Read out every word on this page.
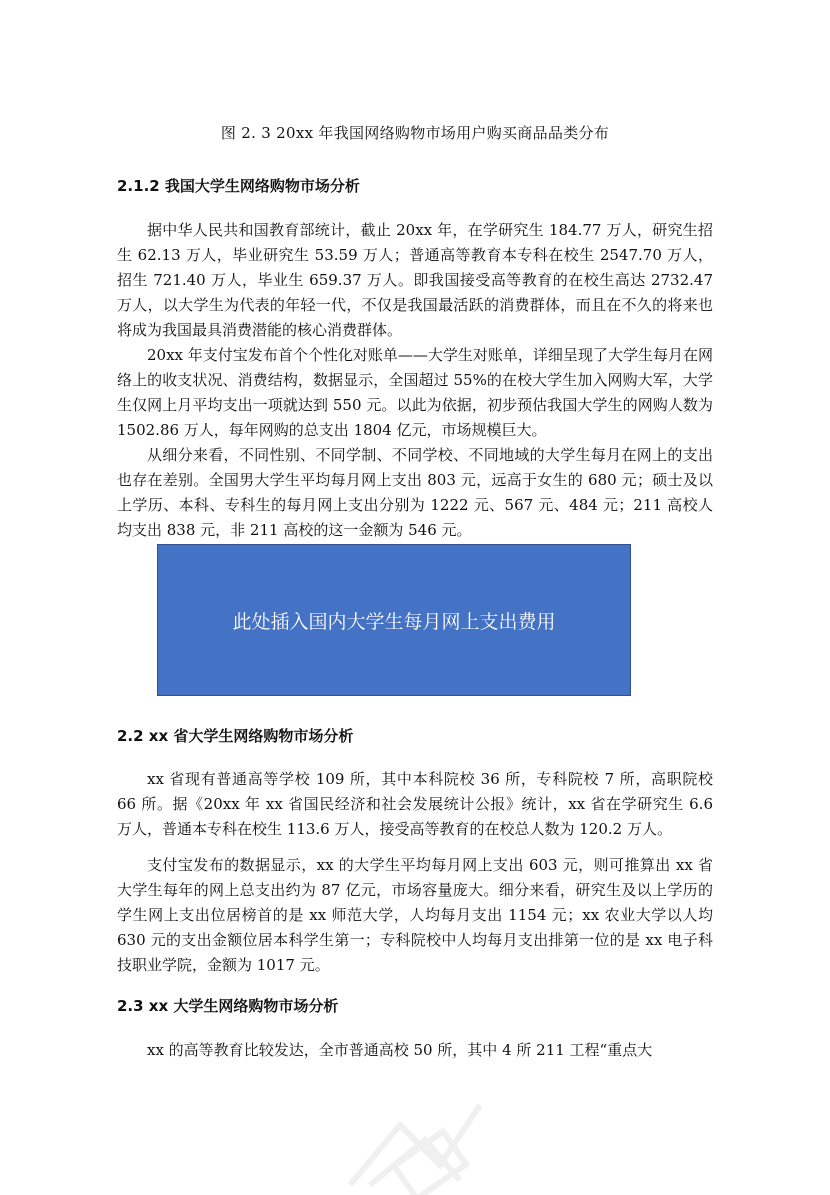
图 2. 3 20xx 年我国网络购物市场用户购买商品品类分布
2.1.2 我国大学生网络购物市场分析

据中华人民共和国教育部统计，截止 20xx 年，在学研究生 184.77 万人，研究生招生 62.13 万人，毕业研究生 53.59 万人；普通高等教育本专科在校生 2547.70 万人，招生 721.40 万人，毕业生 659.37 万人。即我国接受高等教育的在校生高达 2732.47 万人，以大学生为代表的年轻一代，不仅是我国最活跃的消费群体，而且在不久的将来也将成为我国最具消费潜能的核心消费群体。

20xx 年支付宝发布首个个性化对账单——大学生对账单，详细呈现了大学生每月在网络上的收支状况、消费结构，数据显示，全国超过 55%的在校大学生加入网购大军，大学生仅网上月平均支出一项就达到 550 元。以此为依据，初步预估我国大学生的网购人数为 1502.86 万人，每年网购的总支出 1804 亿元，市场规模巨大。

从细分来看，不同性别、不同学制、不同学校、不同地域的大学生每月在网上的支出也存在差别。全国男大学生平均每月网上支出 803 元，远高于女生的 680 元；硕士及以上学历、本科、专科生的每月网上支出分别为 1222 元、567 元、484 元；211 高校人均支出 838 元，非 211 高校的这一金额为 546 元。

此处插入国内大学生每月网上支出费用
2.2 xx 省大学生网络购物市场分析

xx 省现有普通高等学校 109 所，其中本科院校 36 所，专科院校 7 所，高职院校 66 所。据《20xx 年 xx 省国民经济和社会发展统计公报》统计，xx 省在学研究生 6.6 万人，普通本专科在校生 113.6 万人，接受高等教育的在校总人数为 120.2 万人。

支付宝发布的数据显示，xx 的大学生平均每月网上支出 603 元，则可推算出 xx 省大学生每年的网上总支出约为 87 亿元，市场容量庞大。细分来看，研究生及以上学历的学生网上支出位居榜首的是 xx 师范大学，人均每月支出 1154 元；xx 农业大学以人均 630 元的支出金额位居本科学生第一；专科院校中人均每月支出排第一位的是 xx 电子科技职业学院，金额为 1017 元。

2.3 xx 大学生网络购物市场分析

xx 的高等教育比较发达，全市普通高校 50 所，其中 4 所 211 工程“重点大
